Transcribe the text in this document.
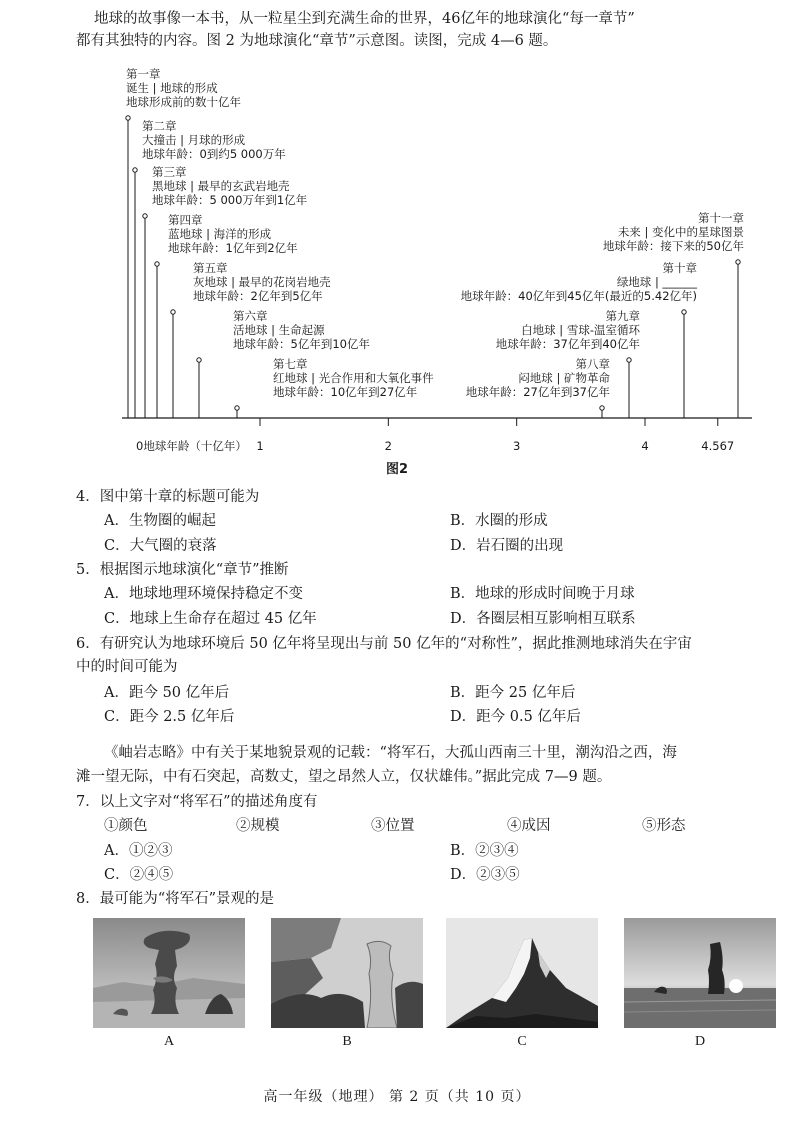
地球的故事像一本书，从一粒星尘到充满生命的世界，46亿年的地球演化“每一章节”
都有其独特的内容。图 2 为地球演化“章节”示意图。读图，完成 4—6 题。
第一章
诞生 | 地球的形成
地球形成前的数十亿年
第二章
大撞击 | 月球的形成
地球年龄：0到约5 000万年
第三章
黑地球 | 最早的玄武岩地壳
地球年龄：5 000万年到1亿年
第四章
蓝地球 | 海洋的形成
地球年龄：1亿年到2亿年
第五章
灰地球 | 最早的花岗岩地壳
地球年龄：2亿年到5亿年
第六章
活地球 | 生命起源
地球年龄：5亿年到10亿年
第七章
红地球 | 光合作用和大氧化事件
地球年龄：10亿年到27亿年
第八章
闷地球 | 矿物革命
地球年龄：27亿年到37亿年
第九章
白地球 | 雪球-温室循环
地球年龄：37亿年到40亿年
第十章
绿地球 | ______
地球年龄：40亿年到45亿年(最近的5.42亿年)
第十一章
未来 | 变化中的星球图景
地球年龄：接下来的50亿年
0地球年龄（十亿年） 1	2	3	4	4.567
图2
4．图中第十章的标题可能为
A．生物圈的崛起	B．水圈的形成
C．大气圈的衰落	D．岩石圈的出现
5．根据图示地球演化“章节”推断
A．地球地理环境保持稳定不变	B．地球的形成时间晚于月球
C．地球上生命存在超过 45 亿年	D．各圈层相互影响相互联系
6．有研究认为地球环境后 50 亿年将呈现出与前 50 亿年的“对称性”，据此推测地球消失在宇宙
中的时间可能为
A．距今 50 亿年后	B．距今 25 亿年后
C．距今 2.5 亿年后	D．距今 0.5 亿年后
《岫岩志略》中有关于某地貌景观的记载：“将军石，大孤山西南三十里，潮沟沿之西，海
滩一望无际，中有石突起，高数丈，望之昂然人立，仅状雄伟。”据此完成 7—9 题。
7．以上文字对“将军石”的描述角度有
①颜色	②规模	③位置	④成因	⑤形态
A．①②③	B．②③④
C．②④⑤	D．②③⑤
8．最可能为“将军石”景观的是
A	B	C	D
高一年级（地理） 第 2 页（共 10 页）
